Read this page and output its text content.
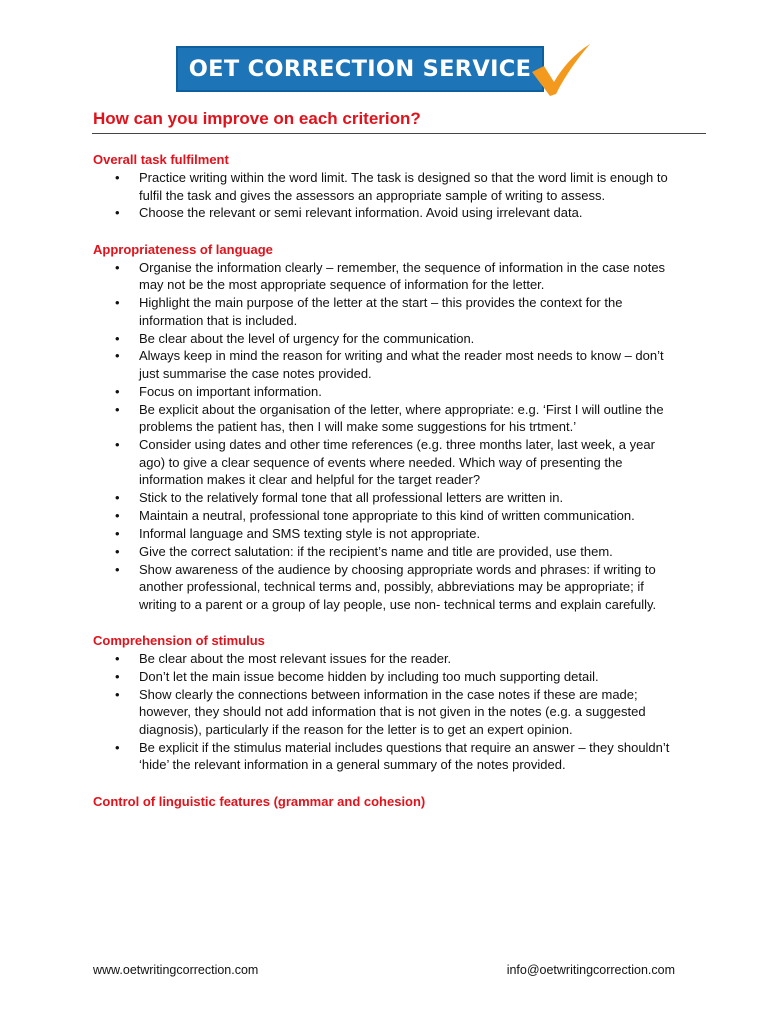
OET CORRECTION SERVICE
How can you improve on each criterion?
Overall task fulfilment
• Practice writing within the word limit. The task is designed so that the word limit is enough to fulfil the task and gives the assessors an appropriate sample of writing to assess.
• Choose the relevant or semi relevant information. Avoid using irrelevant data.
Appropriateness of language
• Organise the information clearly – remember, the sequence of information in the case notes may not be the most appropriate sequence of information for the letter.
• Highlight the main purpose of the letter at the start – this provides the context for the information that is included.
• Be clear about the level of urgency for the communication.
• Always keep in mind the reason for writing and what the reader most needs to know – don’t just summarise the case notes provided.
• Focus on important information.
• Be explicit about the organisation of the letter, where appropriate: e.g. ‘First I will outline the problems the patient has, then I will make some suggestions for his trtment.’
• Consider using dates and other time references (e.g. three months later, last week, a year ago) to give a clear sequence of events where needed. Which way of presenting the information makes it clear and helpful for the target reader?
• Stick to the relatively formal tone that all professional letters are written in.
• Maintain a neutral, professional tone appropriate to this kind of written communication.
• Informal language and SMS texting style is not appropriate.
• Give the correct salutation: if the recipient’s name and title are provided, use them.
• Show awareness of the audience by choosing appropriate words and phrases: if writing to another professional, technical terms and, possibly, abbreviations may be appropriate; if writing to a parent or a group of lay people, use non- technical terms and explain carefully.
Comprehension of stimulus
• Be clear about the most relevant issues for the reader.
• Don’t let the main issue become hidden by including too much supporting detail.
• Show clearly the connections between information in the case notes if these are made; however, they should not add information that is not given in the notes (e.g. a suggested diagnosis), particularly if the reason for the letter is to get an expert opinion.
• Be explicit if the stimulus material includes questions that require an answer – they shouldn’t ‘hide’ the relevant information in a general summary of the notes provided.
Control of linguistic features (grammar and cohesion)
www.oetwritingcorrection.com	info@oetwritingcorrection.com
